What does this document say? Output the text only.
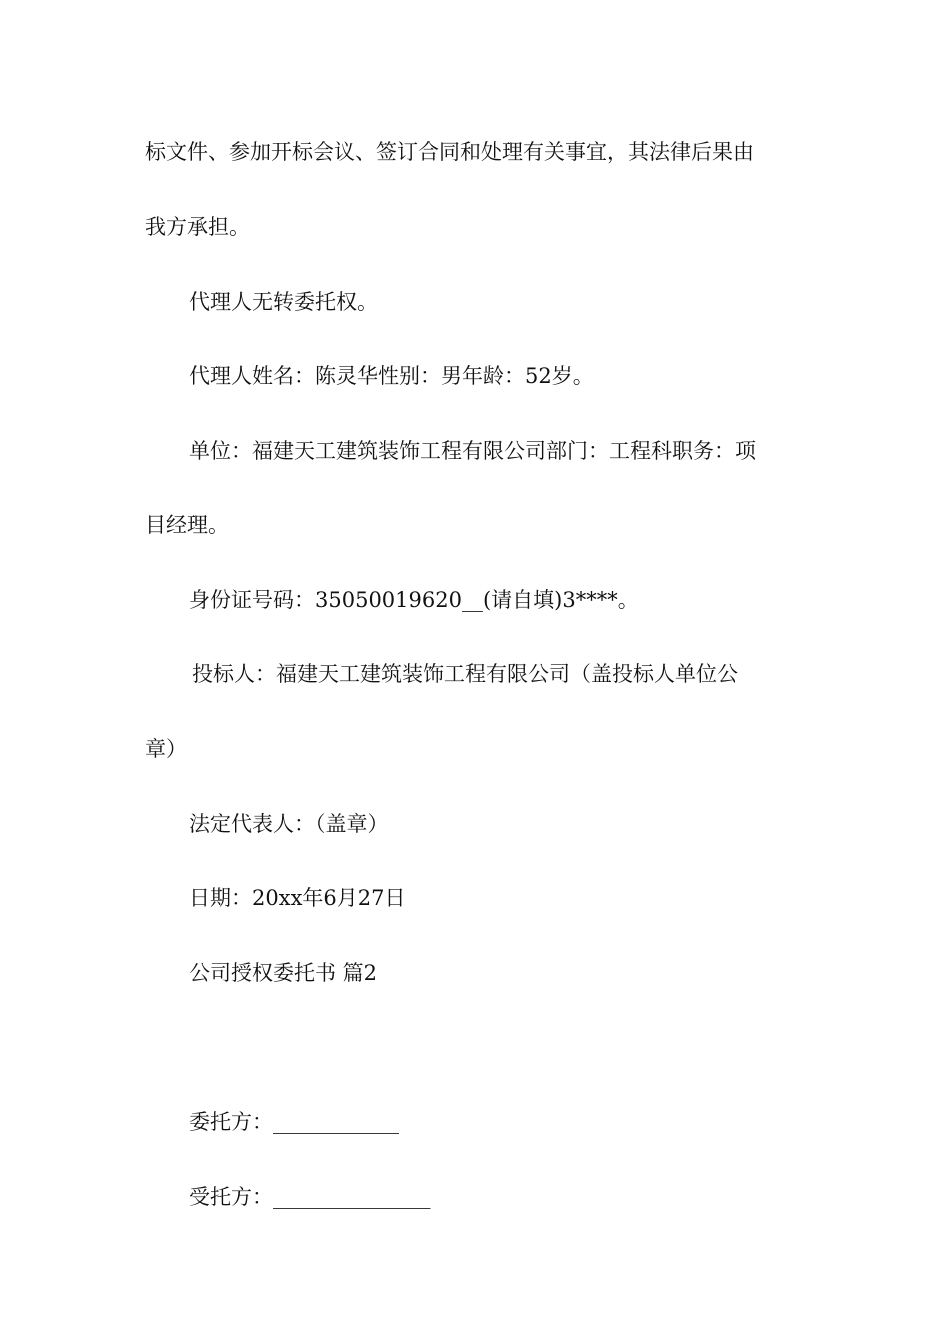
标文件、参加开标会议、签订合同和处理有关事宜，其法律后果由
我方承担。
代理人无转委托权。
代理人姓名：陈灵华性别：男年龄：52岁。
单位：福建天工建筑装饰工程有限公司部门：工程科职务：项
目经理。
身份证号码：35050019620__(请自填)3****。
投标人：福建天工建筑装饰工程有限公司（盖投标人单位公
章）
法定代表人：（盖章）
日期：20xx年6月27日
公司授权委托书 篇2
委托方：____________
受托方：_______________
